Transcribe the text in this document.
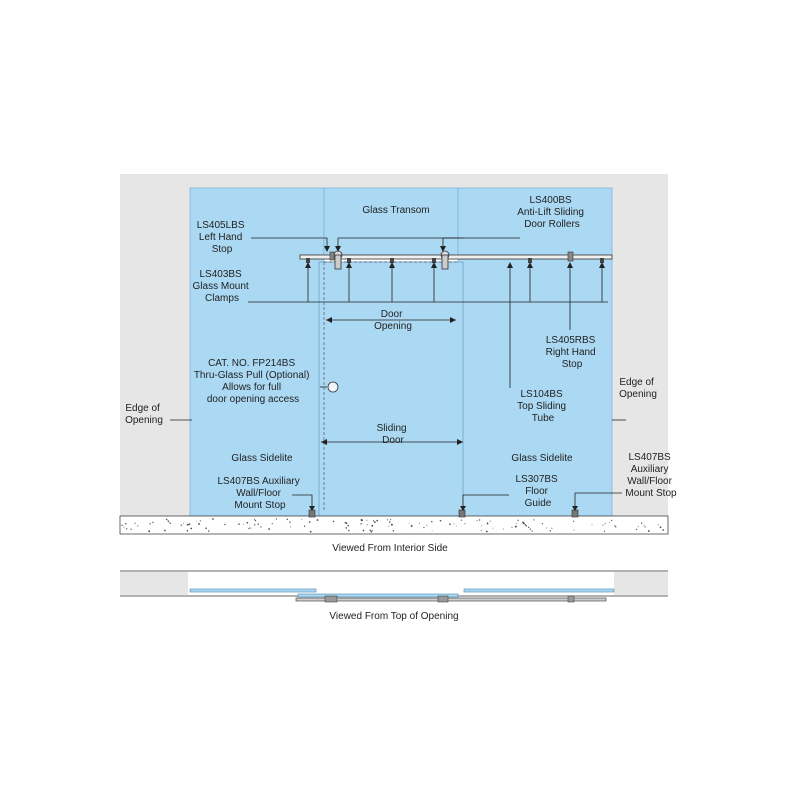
Glass Transom
LS400BS Anti-Lift Sliding Door Rollers
LS405LBS Left Hand Stop
LS403BS Glass Mount Clamps
Door Opening
LS405RBS Right Hand Stop
CAT. NO. FP214BS Thru-Glass Pull (Optional) Allows for full door opening access	LS104BS Top Sliding Tube
Edge of Opening
Edge of Opening
Sliding Door
Glass Sidelite	Glass Sidelite
LS407BS Auxiliary Wall/Floor Mount Stop
LS307BS Floor Guide
LS407BS Auxiliary Wall/Floor Mount Stop
Viewed From Interior Side
Viewed From Top of Opening
